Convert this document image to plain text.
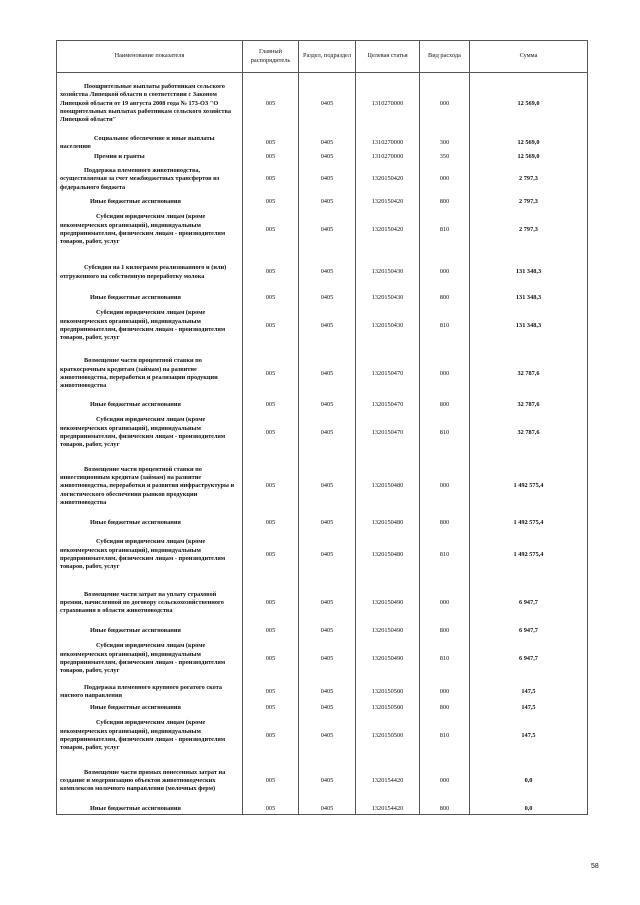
Наименование показателя	Главный распорядитель	Раздел, подраздел	Целевая статья	Вид расхода	Сумма
Поощрительные выплаты работникам сельского хозяйства Липецкой области в соответствии с Законом Липецкой области от 19 августа 2008 года № 173-ОЗ "О поощрительных выплатах работникам сельского хозяйства Липецкой области"	005	0405	1310270000	000	12 569,0
Социальное обеспечение и иные выплаты населению	005	0405	1310270000	300	12 569,0
Премии и гранты	005	0405	1310270000	350	12 569,0
Поддержка племенного животноводства, осуществляемая за счет межбюджетных трансфертов из федерального бюджета	005	0405	1320150420	000	2 797,3
Иные бюджетные ассигнования	005	0405	1320150420	800	2 797,3
Субсидии юридическим лицам (кроме некоммерческих организаций), индивидуальным предпринимателям, физическим лицам - производителям товаров, работ, услуг	005	0405	1320150420	810	2 797,3
Субсидия на 1 килограмм реализованного и (или) отгруженного на собственную переработку молока	005	0405	1320150430	000	131 348,3
Иные бюджетные ассигнования	005	0405	1320150430	800	131 348,3
Субсидии юридическим лицам (кроме некоммерческих организаций), индивидуальным предпринимателям, физическим лицам - производителям товаров, работ, услуг	005	0405	1320150430	810	131 348,3
Возмещение части процентной ставки по краткосрочным кредитам (займам) на развитие животноводства, переработки и реализации продукции животноводства	005	0405	1320150470	000	32 787,6
Иные бюджетные ассигнования	005	0405	1320150470	800	32 787,6
Субсидии юридическим лицам (кроме некоммерческих организаций), индивидуальным предпринимателям, физическим лицам - производителям товаров, работ, услуг	005	0405	1320150470	810	32 787,6
Возмещение части процентной ставки по инвестиционным кредитам (займам) на развитие животноводства, переработки и развития инфраструктуры и логистического обеспечения рынков продукции животноводства	005	0405	1320150480	000	1 492 575,4
Иные бюджетные ассигнования	005	0405	1320150480	800	1 492 575,4
Субсидии юридическим лицам (кроме некоммерческих организаций), индивидуальным предпринимателям, физическим лицам - производителям товаров, работ, услуг	005	0405	1320150480	810	1 492 575,4
Возмещение части затрат на уплату страховой премии, начисленной по договору сельскохозяйственного страхования в области животноводства	005	0405	1320150490	000	6 947,7
Иные бюджетные ассигнования	005	0405	1320150490	800	6 947,7
Субсидии юридическим лицам (кроме некоммерческих организаций), индивидуальным предпринимателям, физическим лицам - производителям товаров, работ, услуг	005	0405	1320150490	810	6 947,7
Поддержка племенного крупного рогатого скота мясного направления	005	0405	1320150500	000	147,5
Иные бюджетные ассигнования	005	0405	1320150500	800	147,5
Субсидии юридическим лицам (кроме некоммерческих организаций), индивидуальным предпринимателям, физическим лицам - производителям товаров, работ, услуг	005	0405	1320150500	810	147,5
Возмещение части прямых понесенных затрат на создание и модернизацию объектов животноводческих комплексов молочного направления (молочных ферм)	005	0405	1320154420	000	0,0
Иные бюджетные ассигнования	005	0405	1320154420	800	0,0
58
